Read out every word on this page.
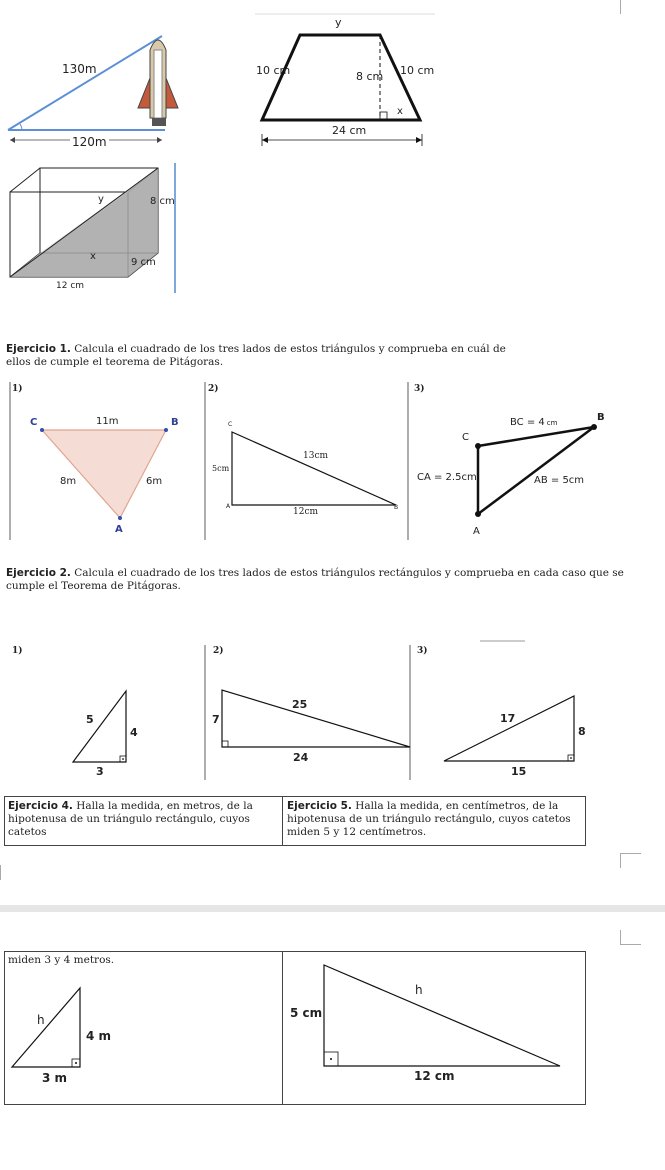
130m
120m
y
10 cm	8 cm 10 cm
x
24 cm
y	8 cm
x
9 cm
12 cm
Ejercicio 1. Calcula el cuadrado de los tres lados de estos triángulos y comprueba en cuál de
ellos de cumple el teorema de Pitágoras.
1)	2)	3)
C	B
A
11m
8m	6m
C
A	B
13cm
5cm
12cm
BC = 4 cm	B
C
CA = 2.5cm	AB = 5cm
A
Ejercicio 2. Calcula el cuadrado de los tres lados de estos triángulos rectángulos y comprueba en cada caso que se
cumple el Teorema de Pitágoras.
1)	2)	3)
5
4
3
25
7
24
17
8
15
Ejercicio 4. Halla la medida, en metros, de la
hipotenusa de un triángulo rectángulo, cuyos
catetos
Ejercicio 5. Halla la medida, en centímetros, de la
hipotenusa de un triángulo rectángulo, cuyos catetos
miden 5 y 12 centímetros.
miden 3 y 4 metros.
h
4 m
3 m
h
5 cm
12 cm
